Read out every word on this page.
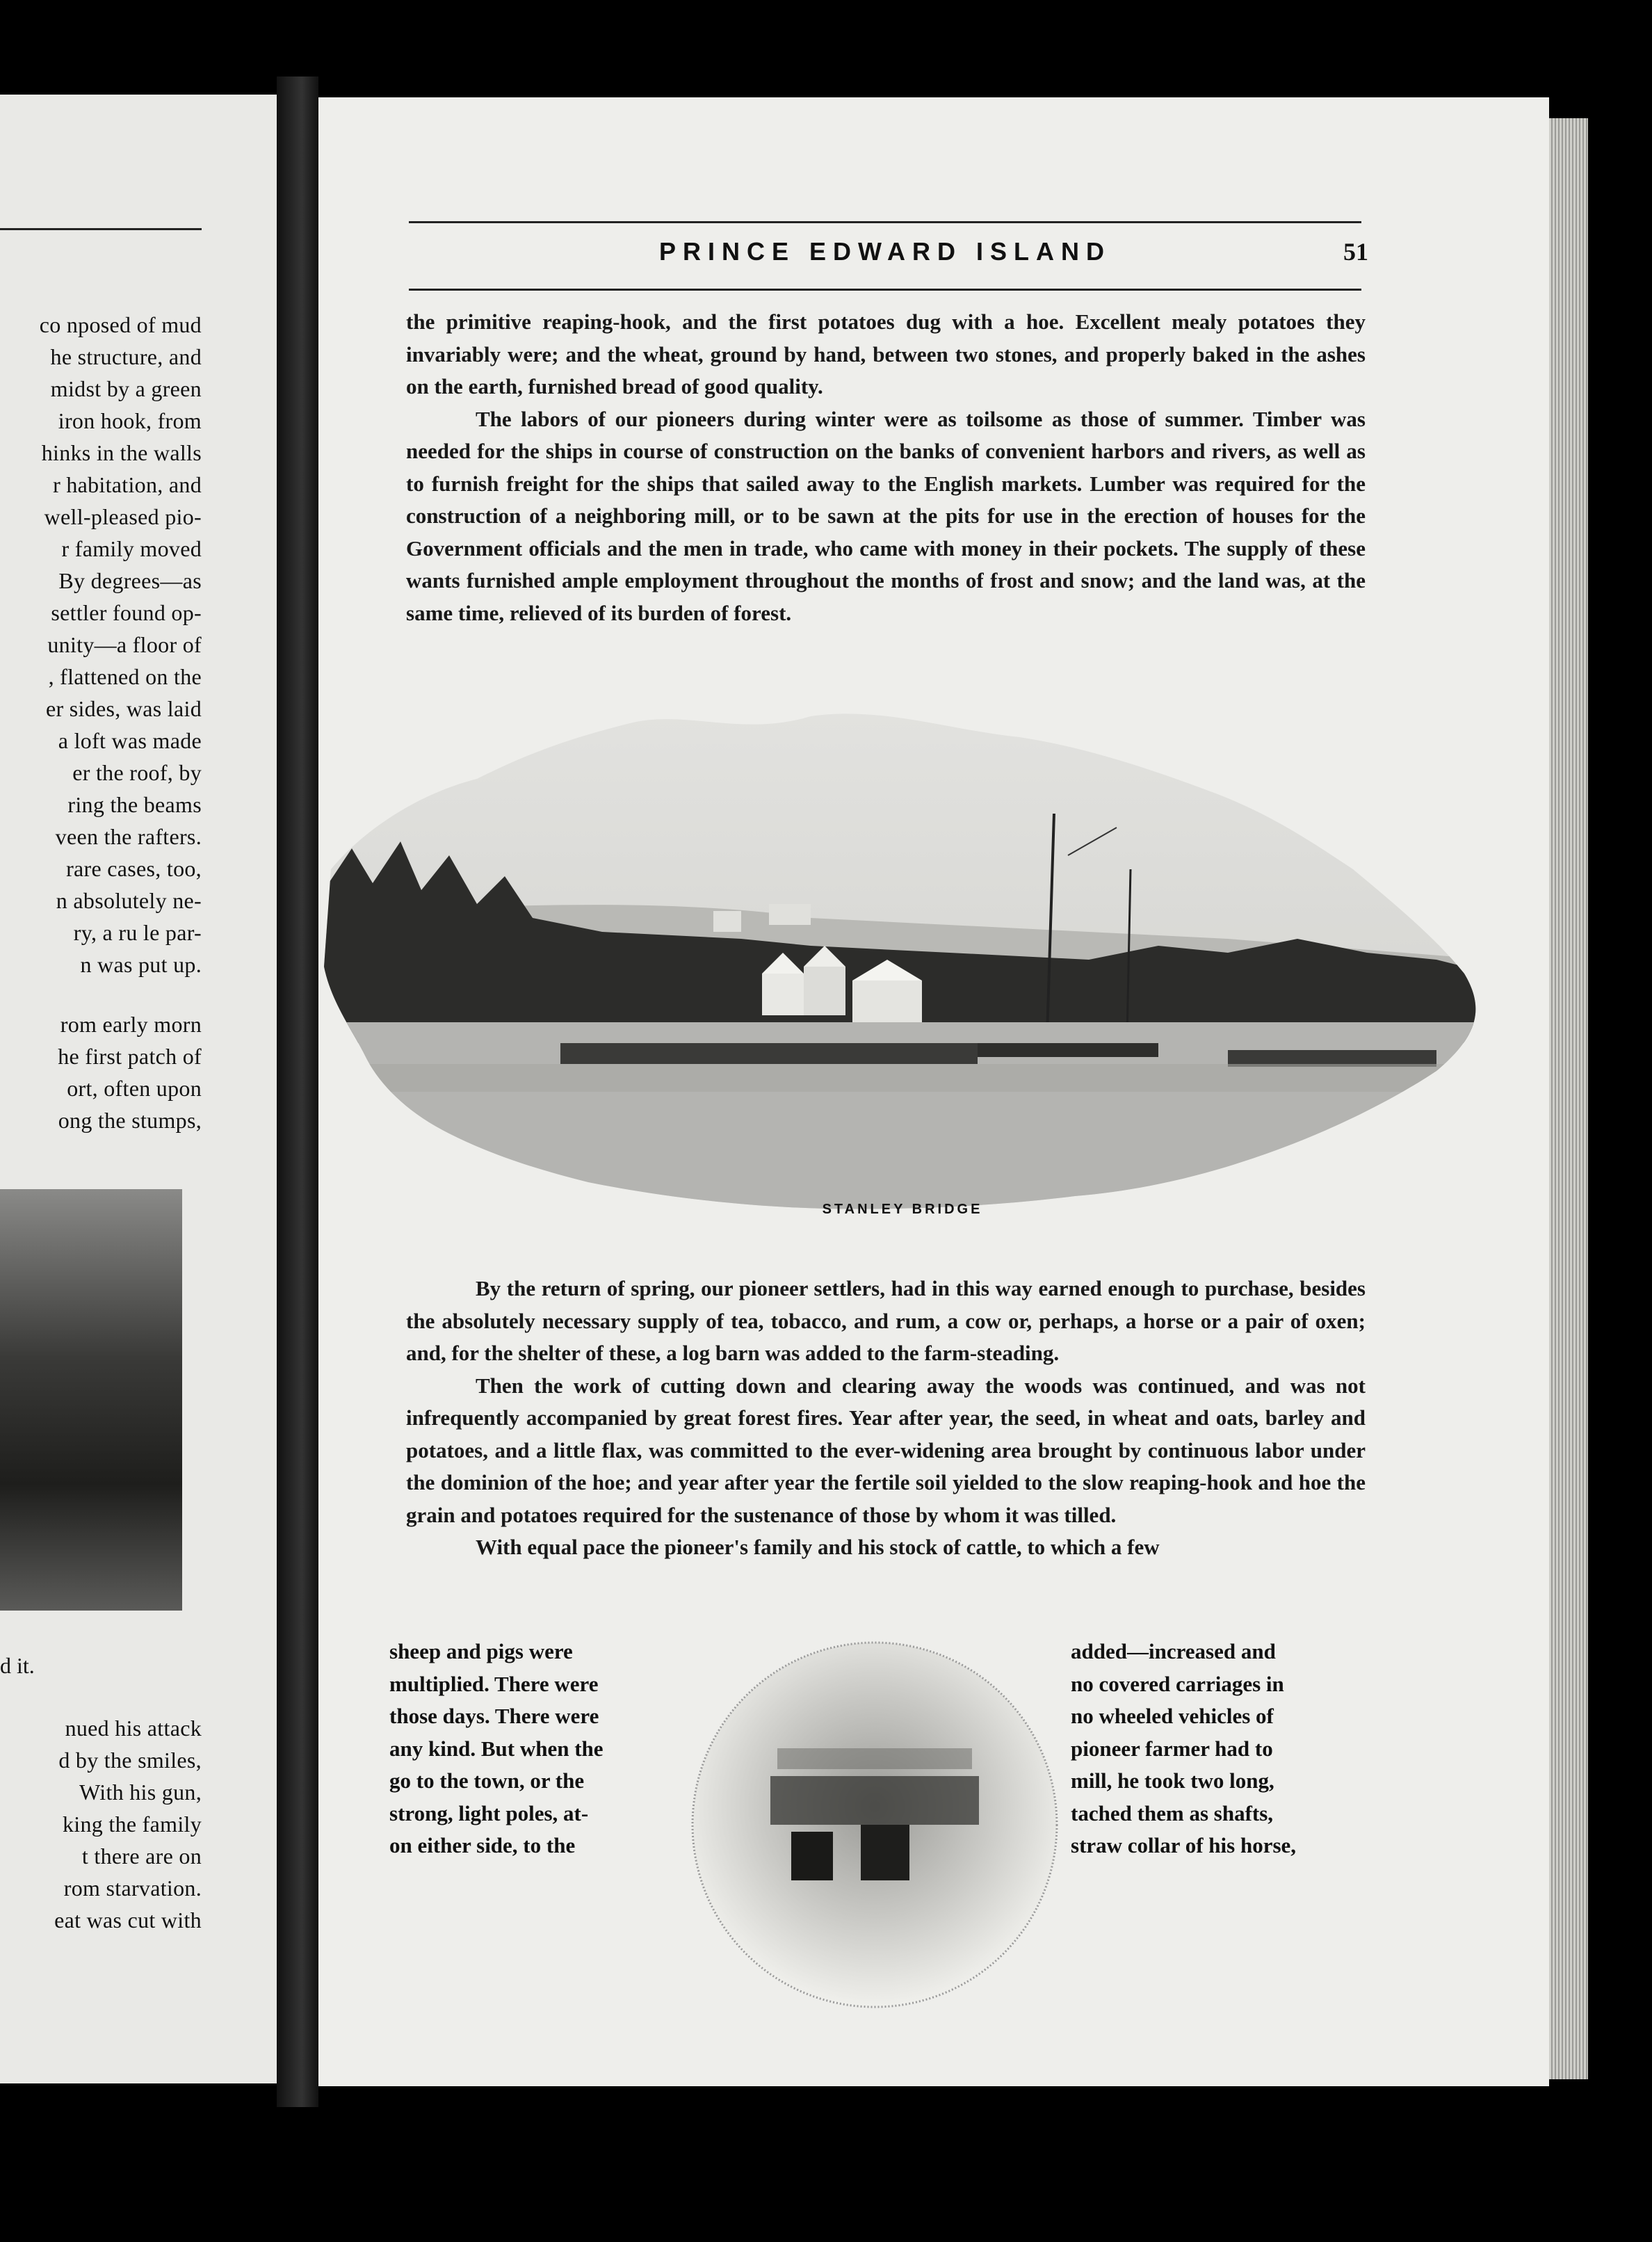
co nposed of mud
he structure, and
midst by a green
iron hook, from
hinks in the walls
r habitation, and
well-pleased pio-
r family moved
By degrees—as
settler found op-
unity—a floor of
, flattened on the
er sides, was laid
a loft was made
er the roof, by
ring the beams
veen the rafters.
rare cases, too,
n absolutely ne-
ry, a ru le par-
n was put up.
rom early morn
he first patch of
ort, often upon
ong the stumps,
d it.
nued his attack
d by the smiles,
With his gun,
king the family
t there are on
rom starvation.
eat was cut with
PRINCE EDWARD ISLAND	51

the primitive reaping-hook, and the first potatoes dug with a hoe. Excellent mealy potatoes they invariably were; and the wheat, ground by hand, between two stones, and properly baked in the ashes on the earth, furnished bread of good quality.

The labors of our pioneers during winter were as toilsome as those of summer. Timber was needed for the ships in course of construction on the banks of convenient harbors and rivers, as well as to furnish freight for the ships that sailed away to the English markets. Lumber was required for the construction of a neighboring mill, or to be sawn at the pits for use in the erection of houses for the Government officials and the men in trade, who came with money in their pockets. The supply of these wants furnished ample employment throughout the months of frost and snow; and the land was, at the same time, relieved of its burden of forest.

STANLEY BRIDGE

By the return of spring, our pioneer settlers, had in this way earned enough to purchase, besides the absolutely necessary supply of tea, tobacco, and rum, a cow or, perhaps, a horse or a pair of oxen; and, for the shelter of these, a log barn was added to the farm-steading.

Then the work of cutting down and clearing away the woods was continued, and was not infrequently accompanied by great forest fires. Year after year, the seed, in wheat and oats, barley and potatoes, and a little flax, was committed to the ever-widening area brought by continuous labor under the dominion of the hoe; and year after year the fertile soil yielded to the slow reaping-hook and hoe the grain and potatoes required for the sustenance of those by whom it was tilled.

With equal pace the pioneer's family and his stock of cattle, to which a few

sheep and pigs were
multiplied. There were
those days. There were
any kind. But when the
go to the town, or the
strong, light poles, at-
on either side, to the
added—increased and
no covered carriages in
no wheeled vehicles of
pioneer farmer had to
mill, he took two long,
tached them as shafts,
straw collar of his horse,
